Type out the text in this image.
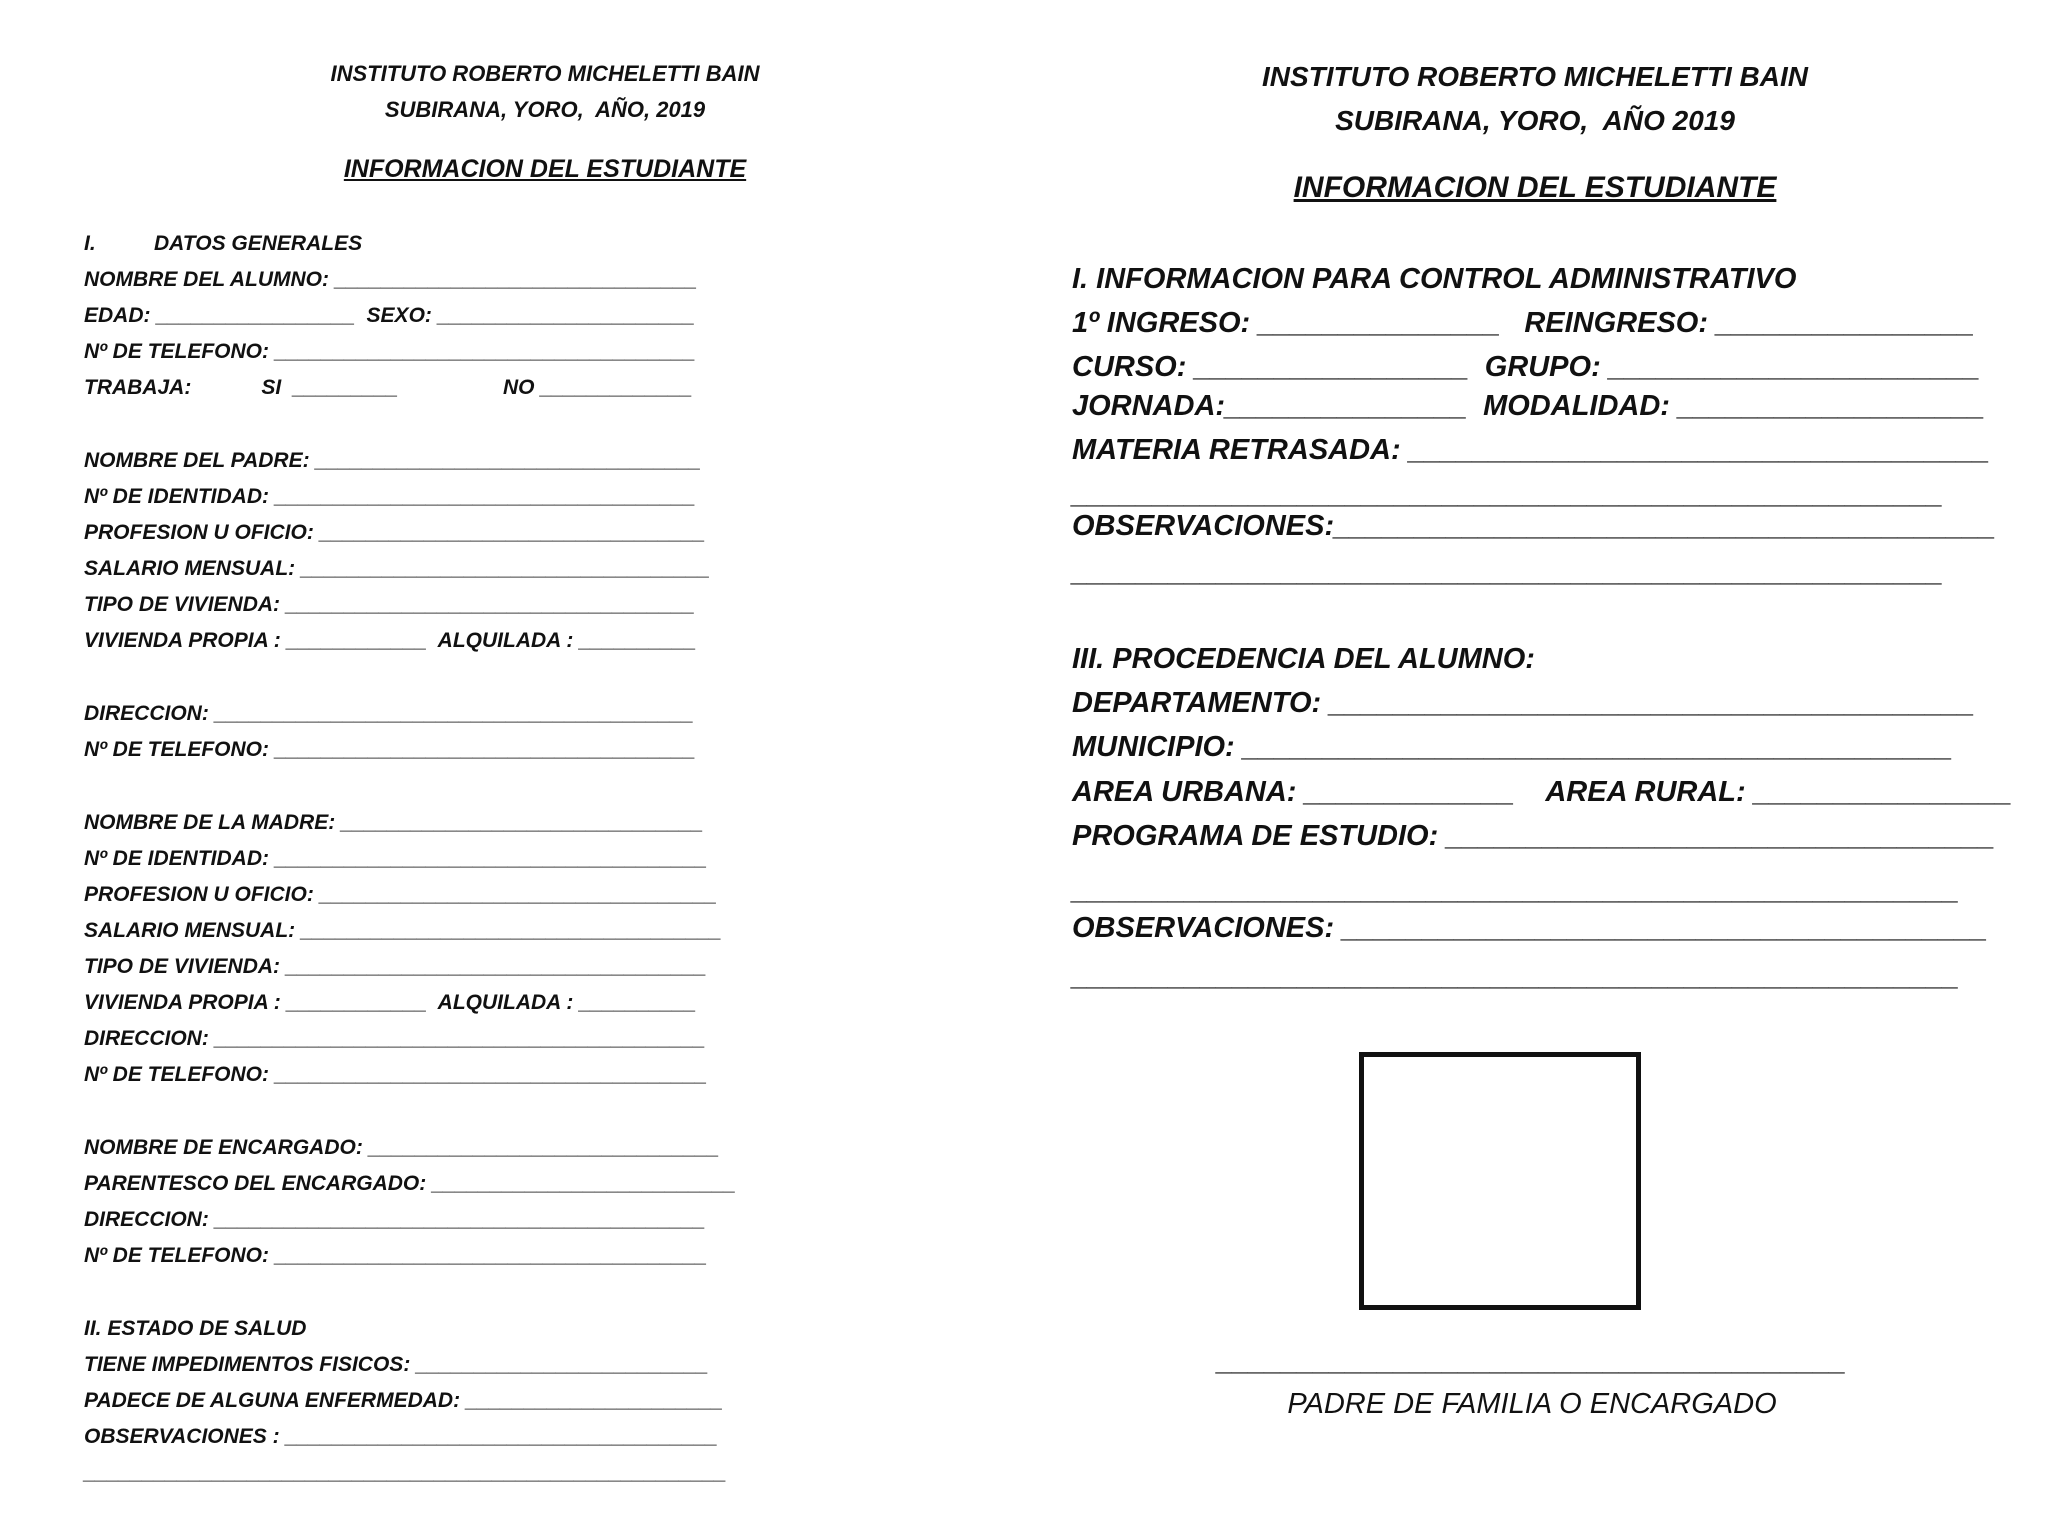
INSTITUTO ROBERTO MICHELETTI BAIN
SUBIRANA, YORO,  AÑO, 2019
INFORMACION DEL ESTUDIANTE
I.          DATOS GENERALES
NOMBRE DEL ALUMNO: _______________________________
EDAD: _________________  SEXO: ______________________
Nº DE TELEFONO: ____________________________________
TRABAJA:            SI  _________                  NO _____________
NOMBRE DEL PADRE: _________________________________
Nº DE IDENTIDAD: ____________________________________
PROFESION U OFICIO: _________________________________
SALARIO MENSUAL: ___________________________________
TIPO DE VIVIENDA: ___________________________________
VIVIENDA PROPIA : ____________  ALQUILADA : __________
DIRECCION: _________________________________________
Nº DE TELEFONO: ____________________________________
NOMBRE DE LA MADRE: _______________________________
Nº DE IDENTIDAD: _____________________________________
PROFESION U OFICIO: __________________________________
SALARIO MENSUAL: ____________________________________
TIPO DE VIVIENDA: ____________________________________
VIVIENDA PROPIA : ____________  ALQUILADA : __________
DIRECCION: __________________________________________
Nº DE TELEFONO: _____________________________________
NOMBRE DE ENCARGADO: ______________________________
PARENTESCO DEL ENCARGADO: __________________________
DIRECCION: __________________________________________
Nº DE TELEFONO: _____________________________________
II. ESTADO DE SALUD
TIENE IMPEDIMENTOS FISICOS: _________________________
PADECE DE ALGUNA ENFERMEDAD: ______________________
OBSERVACIONES : _____________________________________
_______________________________________________________
INSTITUTO ROBERTO MICHELETTI BAIN
SUBIRANA, YORO,  AÑO 2019
INFORMACION DEL ESTUDIANTE
I. INFORMACION PARA CONTROL ADMINISTRATIVO
1º INGRESO: _______________   REINGRESO: ________________
CURSO: _________________  GRUPO: _______________________
JORNADA:_______________  MODALIDAD: ___________________
MATERIA RETRASADA: ____________________________________
______________________________________________________
OBSERVACIONES:_________________________________________
______________________________________________________
III. PROCEDENCIA DEL ALUMNO:
DEPARTAMENTO: ________________________________________
MUNICIPIO: ____________________________________________
AREA URBANA: _____________    AREA RURAL: ________________
PROGRAMA DE ESTUDIO: __________________________________
_______________________________________________________
OBSERVACIONES: ________________________________________
_______________________________________________________
_______________________________________
PADRE DE FAMILIA O ENCARGADO
